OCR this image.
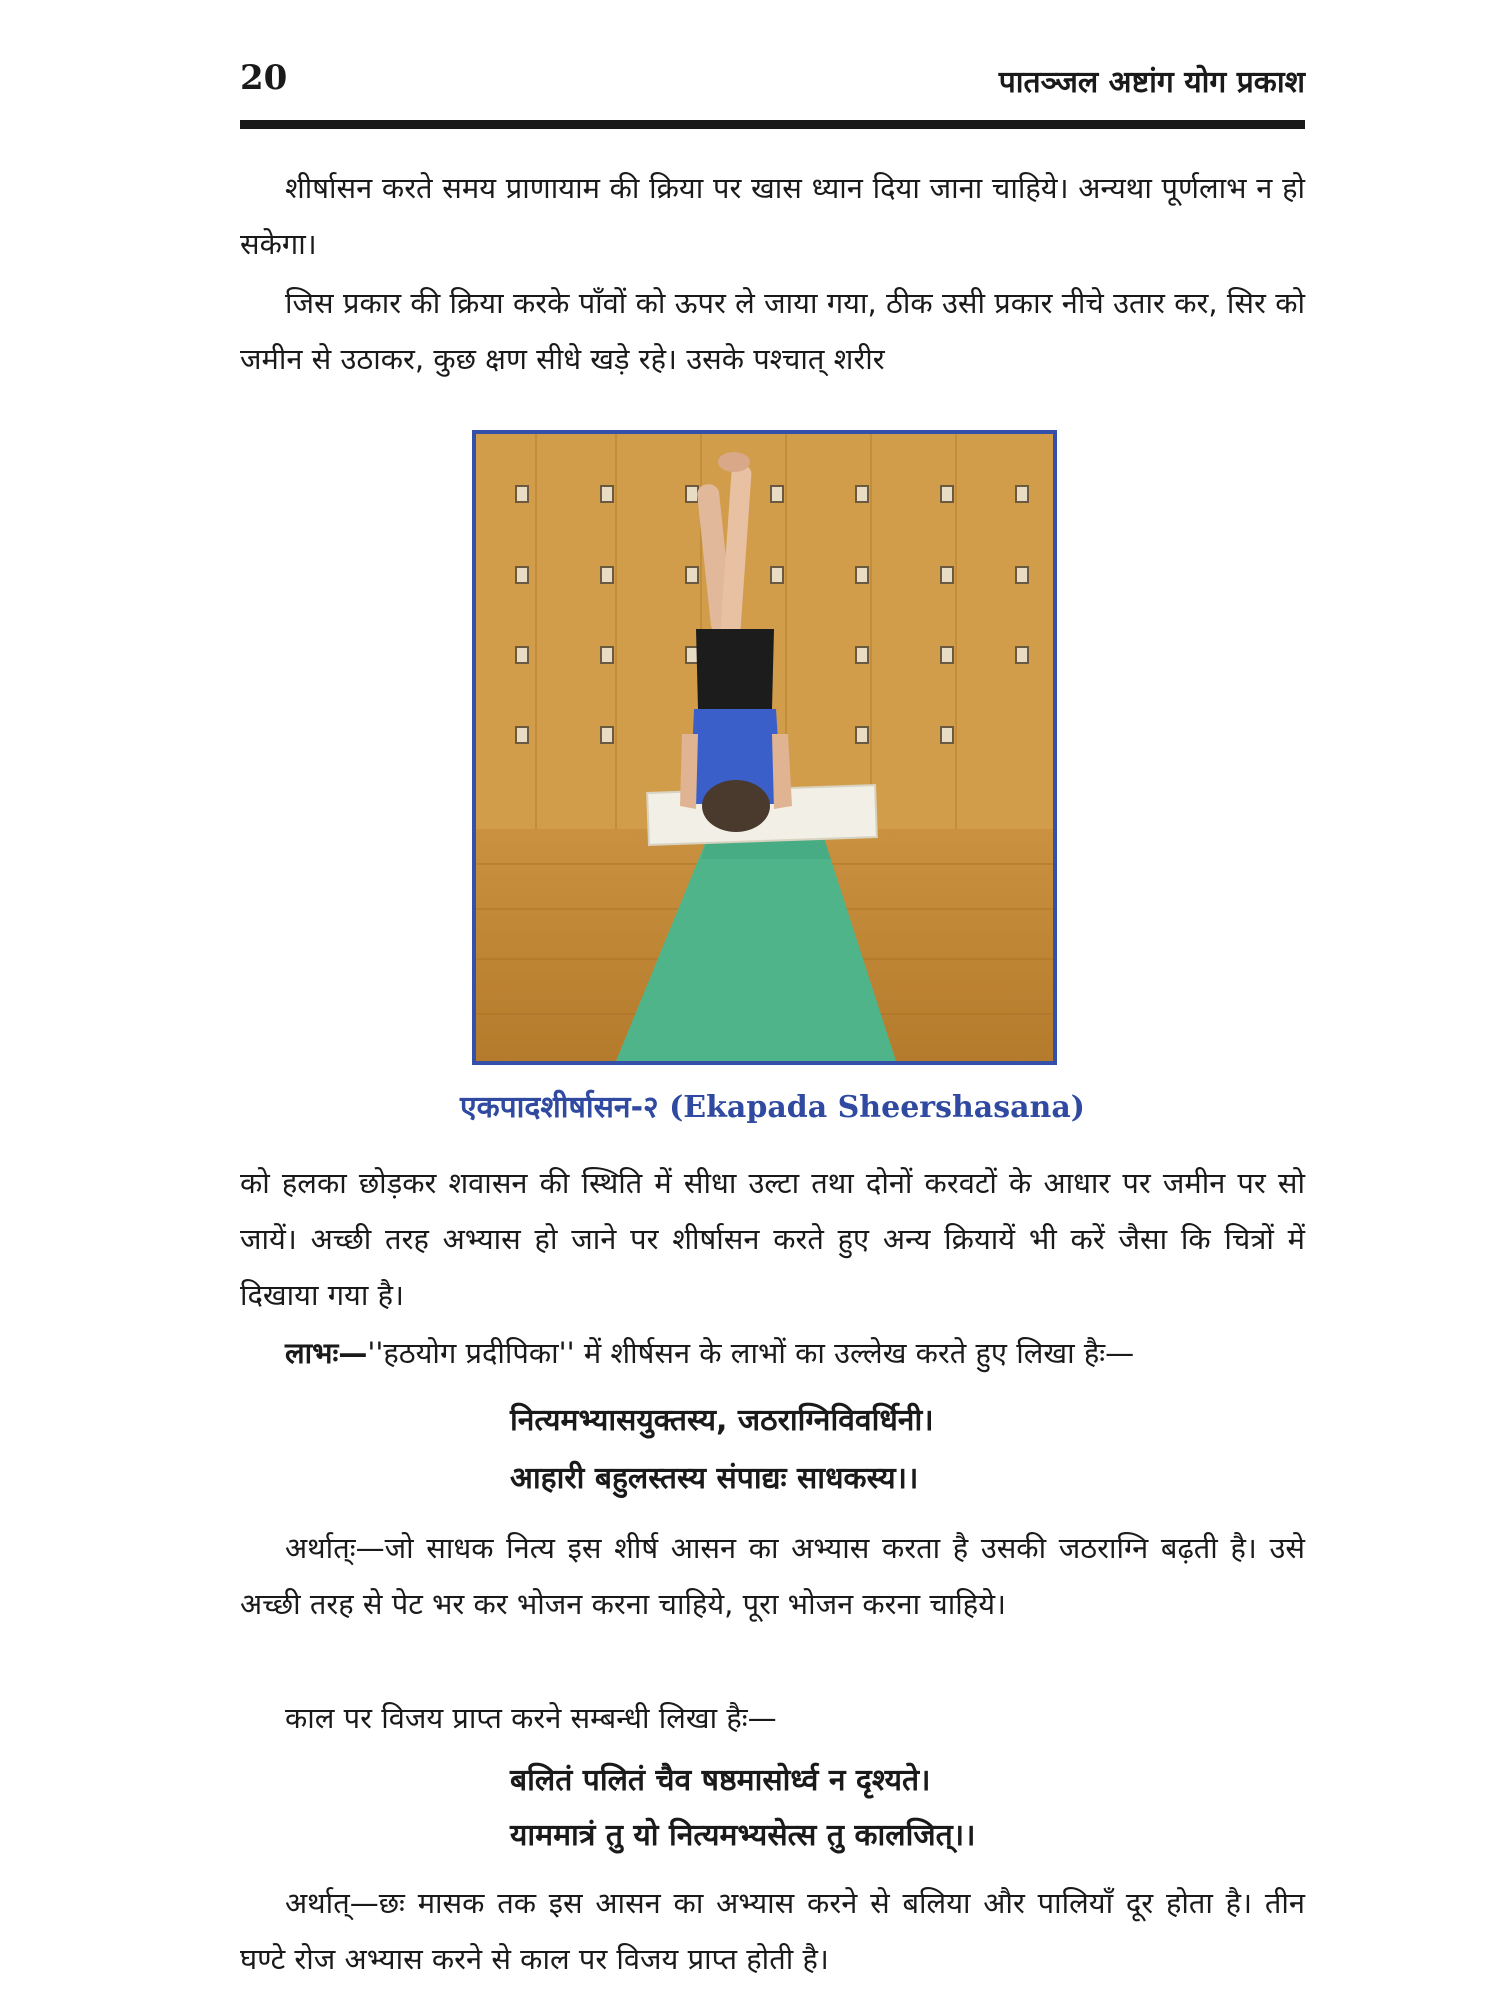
20	पातञ्जल अष्टांग योग प्रकाश

शीर्षासन करते समय प्राणायाम की क्रिया पर खास ध्यान दिया जाना चाहिये। अन्यथा पूर्णलाभ न हो सकेगा।

जिस प्रकार की क्रिया करके पाँवों को ऊपर ले जाया गया, ठीक उसी प्रकार नीचे उतार कर, सिर को जमीन से उठाकर, कुछ क्षण सीधे खड़े रहे। उसके पश्चात् शरीर

एकपादशीर्षासन-२ (Ekapada Sheershasana)

को हलका छोड़कर शवासन की स्थिति में सीधा उल्टा तथा दोनों करवटों के आधार पर जमीन पर सो जायें। अच्छी तरह अभ्यास हो जाने पर शीर्षासन करते हुए अन्य क्रियायें भी करें जैसा कि चित्रों में दिखाया गया है।

लाभः—''हठयोग प्रदीपिका'' में शीर्षसन के लाभों का उल्लेख करते हुए लिखा हैः—

नित्यमभ्यासयुक्तस्य, जठराग्निविवर्धिनी।

आहारी बहुलस्तस्य संपाद्यः साधकस्य।।

अर्थात्ः—जो साधक नित्य इस शीर्ष आसन का अभ्यास करता है उसकी जठराग्नि बढ़ती है। उसे अच्छी तरह से पेट भर कर भोजन करना चाहिये, पूरा भोजन करना चाहिये।

काल पर विजय प्राप्त करने सम्बन्धी लिखा हैः—

बलितं पलितं चैव षष्ठमासोर्ध्व न दृश्यते।

याममात्रं तु यो नित्यमभ्यसेत्स तु कालजित्।।

अर्थात्—छः मासक तक इस आसन का अभ्यास करने से बलिया और पालियाँ दूर होता है। तीन घण्टे रोज अभ्यास करने से काल पर विजय प्राप्त होती है।
